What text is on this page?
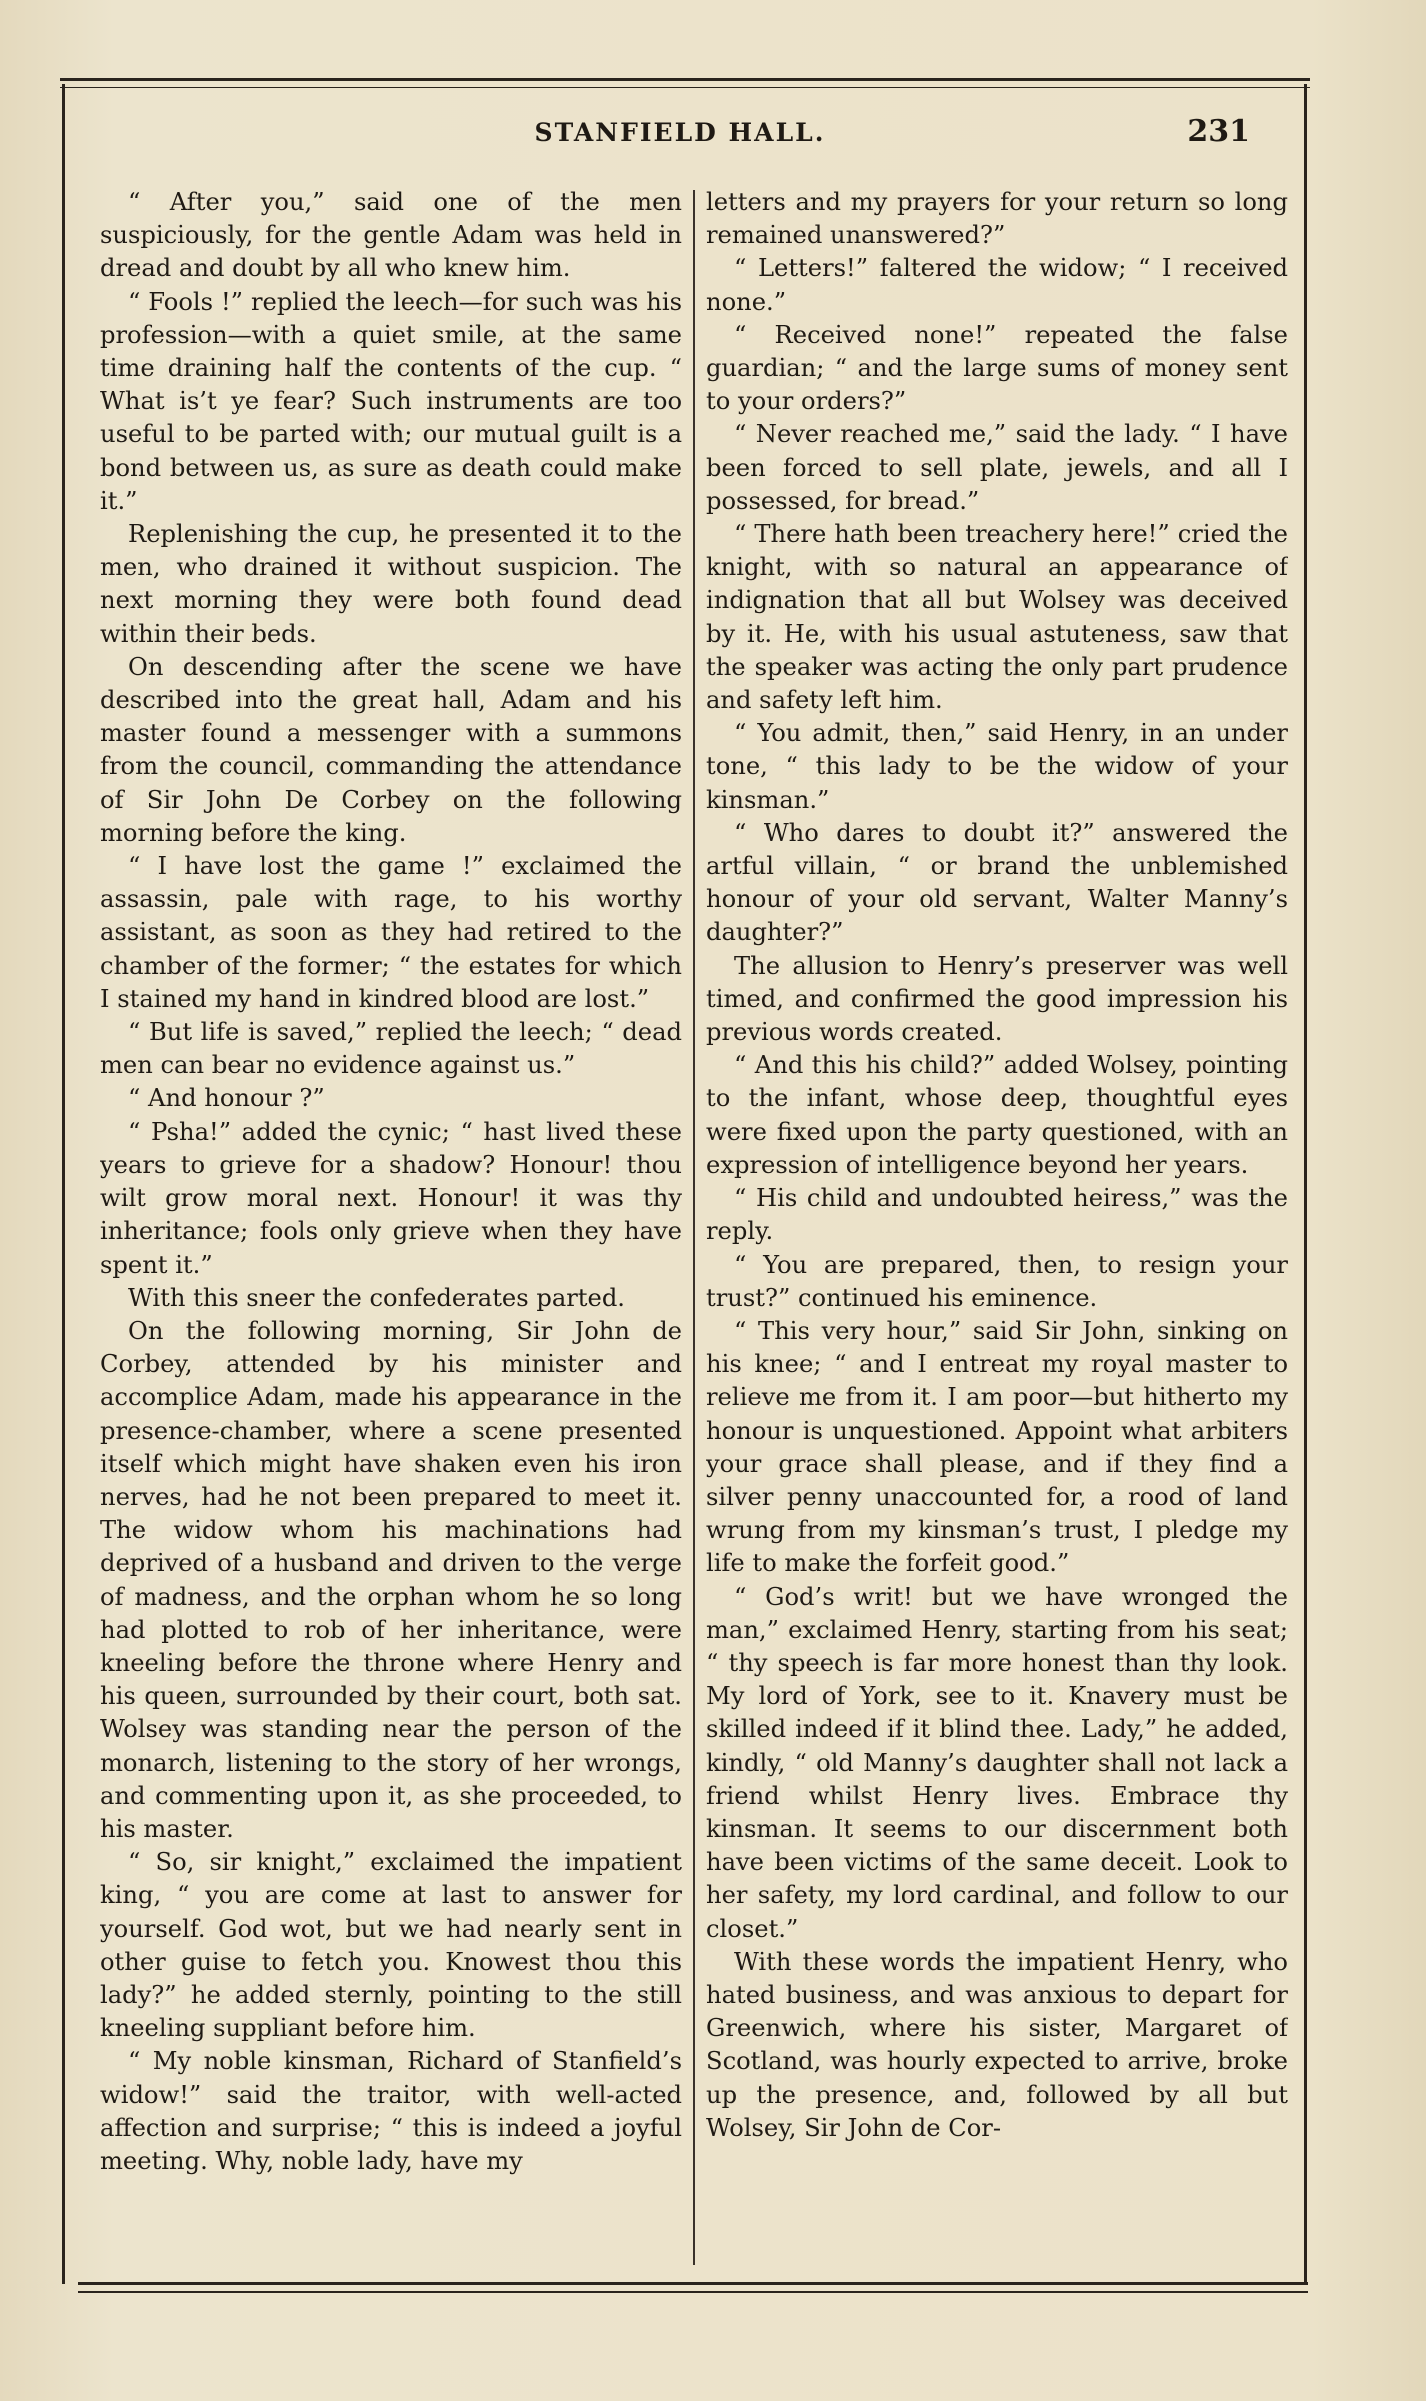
STANFIELD HALL.	231

“ After you,” said one of the men suspiciously, for the gentle Adam was held in dread and doubt by all who knew him.

“ Fools !” replied the leech—for such was his profession—with a quiet smile, at the same time draining half the contents of the cup. “ What is’t ye fear? Such instruments are too useful to be parted with; our mutual guilt is a bond between us, as sure as death could make it.”

Replenishing the cup, he presented it to the men, who drained it without suspicion. The next morning they were both found dead within their beds.

On descending after the scene we have described into the great hall, Adam and his master found a messenger with a summons from the council, commanding the attendance of Sir John De Corbey on the following morning before the king.

“ I have lost the game !” exclaimed the assassin, pale with rage, to his worthy assistant, as soon as they had retired to the chamber of the former; “ the estates for which I stained my hand in kindred blood are lost.”

“ But life is saved,” replied the leech; “ dead men can bear no evidence against us.”

“ And honour ?”

“ Psha!” added the cynic; “ hast lived these years to grieve for a shadow? Honour! thou wilt grow moral next. Honour! it was thy inheritance; fools only grieve when they have spent it.”

With this sneer the confederates parted.

On the following morning, Sir John de Corbey, attended by his minister and accomplice Adam, made his appearance in the presence-chamber, where a scene presented itself which might have shaken even his iron nerves, had he not been prepared to meet it. The widow whom his machinations had deprived of a husband and driven to the verge of madness, and the orphan whom he so long had plotted to rob of her inheritance, were kneeling before the throne where Henry and his queen, surrounded by their court, both sat. Wolsey was standing near the person of the monarch, listening to the story of her wrongs, and commenting upon it, as she proceeded, to his master.

“ So, sir knight,” exclaimed the impatient king, “ you are come at last to answer for yourself. God wot, but we had nearly sent in other guise to fetch you. Knowest thou this lady?” he added sternly, pointing to the still kneeling suppliant before him.

“ My noble kinsman, Richard of Stanfield’s widow!” said the traitor, with well-acted affection and surprise; “ this is indeed a joyful meeting. Why, noble lady, have my

letters and my prayers for your return so long remained unanswered?”

“ Letters!” faltered the widow; “ I received none.”

“ Received none!” repeated the false guardian; “ and the large sums of money sent to your orders?”

“ Never reached me,” said the lady. “ I have been forced to sell plate, jewels, and all I possessed, for bread.”

“ There hath been treachery here!” cried the knight, with so natural an appearance of indignation that all but Wolsey was deceived by it. He, with his usual astuteness, saw that the speaker was acting the only part prudence and safety left him.

“ You admit, then,” said Henry, in an under tone, “ this lady to be the widow of your kinsman.”

“ Who dares to doubt it?” answered the artful villain, “ or brand the unblemished honour of your old servant, Walter Manny’s daughter?”

The allusion to Henry’s preserver was well timed, and confirmed the good impression his previous words created.

“ And this his child?” added Wolsey, pointing to the infant, whose deep, thoughtful eyes were fixed upon the party questioned, with an expression of intelligence beyond her years.

“ His child and undoubted heiress,” was the reply.

“ You are prepared, then, to resign your trust?” continued his eminence.

“ This very hour,” said Sir John, sinking on his knee; “ and I entreat my royal master to relieve me from it. I am poor—but hitherto my honour is unquestioned. Appoint what arbiters your grace shall please, and if they find a silver penny unaccounted for, a rood of land wrung from my kinsman’s trust, I pledge my life to make the forfeit good.”

“ God’s writ! but we have wronged the man,” exclaimed Henry, starting from his seat; “ thy speech is far more honest than thy look. My lord of York, see to it. Knavery must be skilled indeed if it blind thee. Lady,” he added, kindly, “ old Manny’s daughter shall not lack a friend whilst Henry lives. Embrace thy kinsman. It seems to our discernment both have been victims of the same deceit. Look to her safety, my lord cardinal, and follow to our closet.”

With these words the impatient Henry, who hated business, and was anxious to depart for Greenwich, where his sister, Margaret of Scotland, was hourly expected to arrive, broke up the presence, and, followed by all but Wolsey, Sir John de Cor-
